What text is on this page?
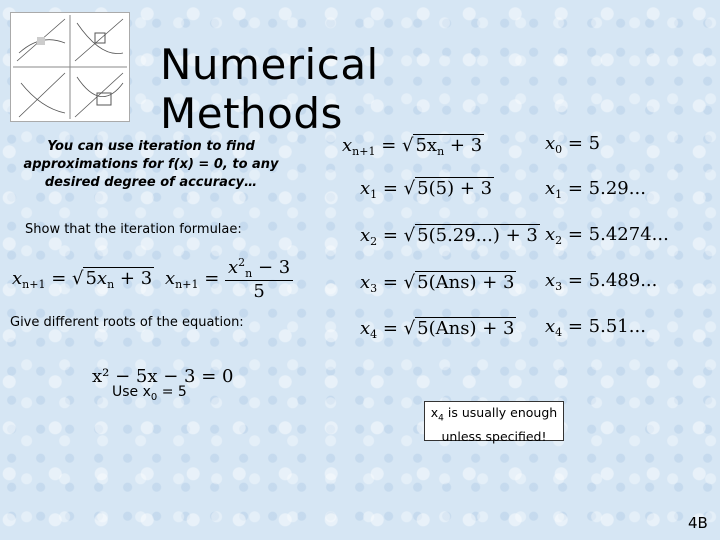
Numerical Methods
You can use iteration to find approximations for f(x) = 0, to any desired degree of accuracy…
Show that the iteration formulae:
$x_{n+1}$ = √ $5x_n + 3$ $x_{n+1} = \frac{x^2_n - 3}{5}$
Give different roots of the equation:
x² − 5x − 3 = 0
Use $x_0 = 5$
$x_{n+1}$ = √ $5x_n + 3$	$x_0 = 5$
$x_1$ = √ 5(5) + 3	$x_1 = 5.29$...
$x_2$ = √ 5(5.29...) + 3 $x_2 = 5.4274$...
$x_3$ = √ 5(Ans) + 3 $x_3 = 5.489$...
$x_4$ = √ 5(Ans) + 3 $x_4 = 5.51$...
$x_4$ is usually enough unless specified!
4B
